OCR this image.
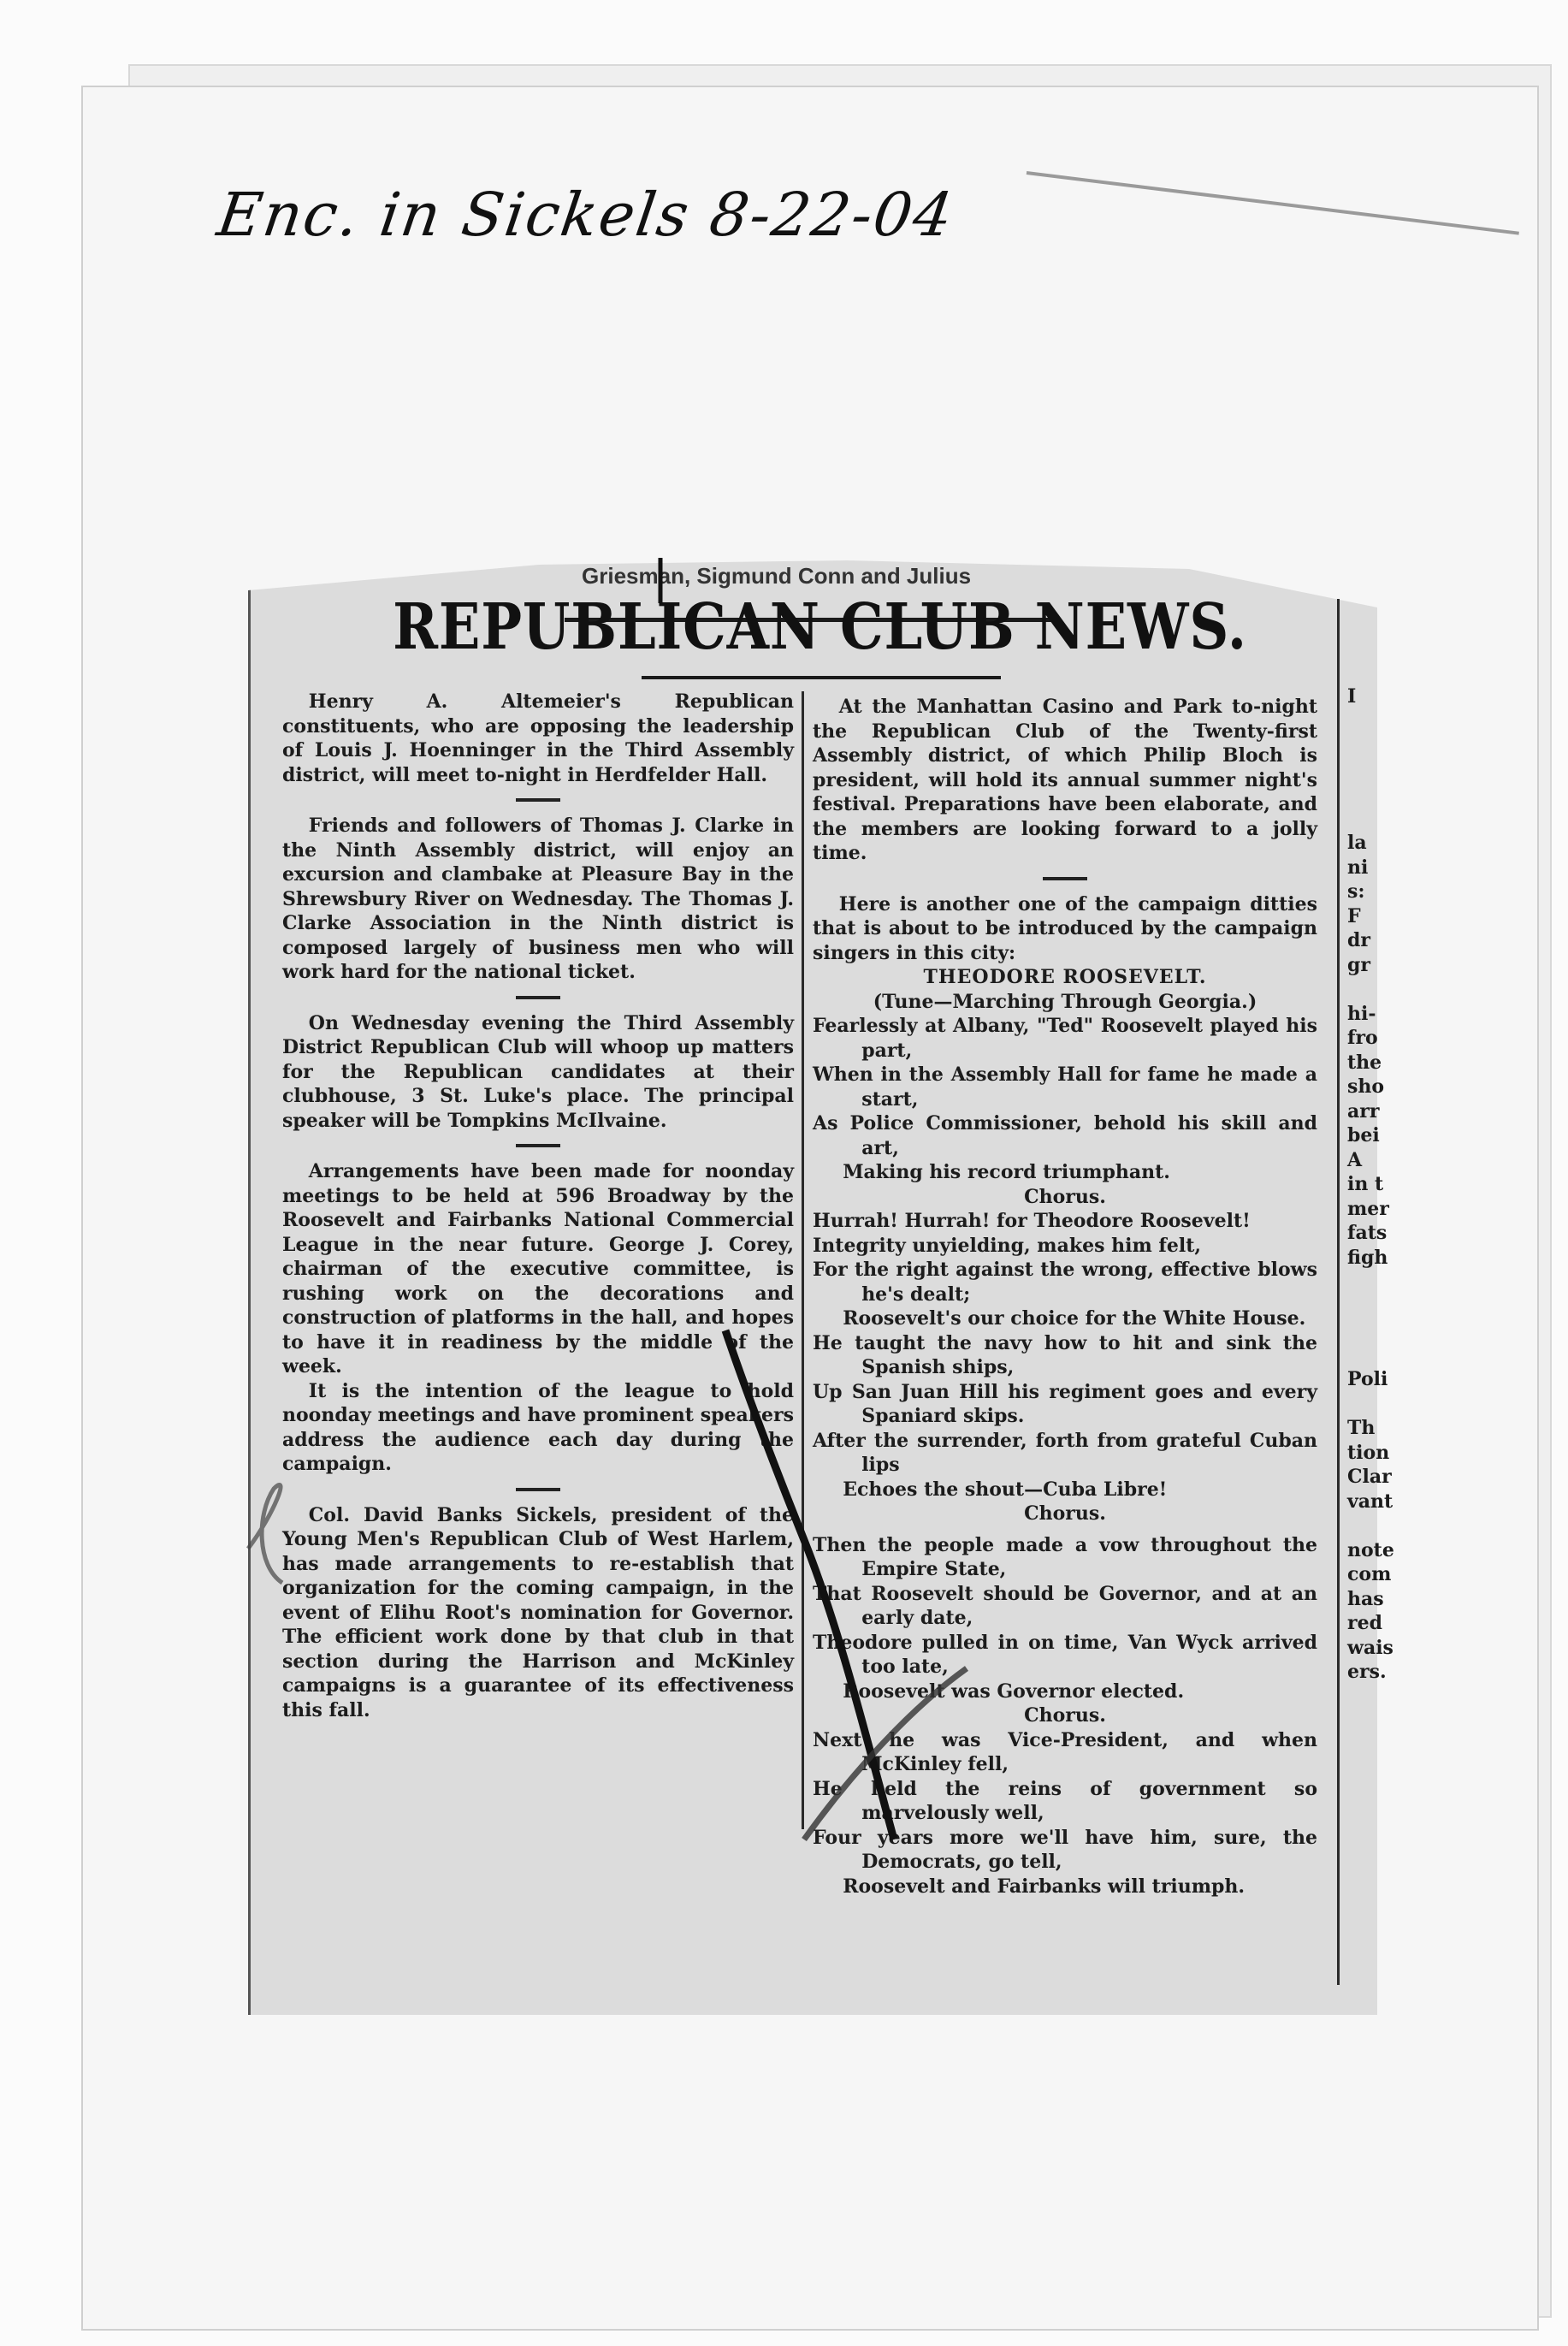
Enc. in Sickels 8-22-04
Griesman, Sigmund Conn and Julius
REPUBLICAN CLUB NEWS.

Henry A. Altemeier's Republican constituents, who are opposing the leadership of Louis J. Hoenninger in the Third Assembly district, will meet to-night in Herdfelder Hall.

Friends and followers of Thomas J. Clarke in the Ninth Assembly district, will enjoy an excursion and clambake at Pleasure Bay in the Shrewsbury River on Wednesday. The Thomas J. Clarke Association in the Ninth district is composed largely of business men who will work hard for the national ticket.

On Wednesday evening the Third Assembly District Republican Club will whoop up matters for the Republican candidates at their clubhouse, 3 St. Luke's place. The principal speaker will be Tompkins McIlvaine.

Arrangements have been made for noonday meetings to be held at 596 Broadway by the Roosevelt and Fairbanks National Commercial League in the near future. George J. Corey, chairman of the executive committee, is rushing work on the decorations and construction of platforms in the hall, and hopes to have it in readiness by the middle of the week.

It is the intention of the league to hold noonday meetings and have prominent speakers address the audience each day during the campaign.

Col. David Banks Sickels, president of the Young Men's Republican Club of West Harlem, has made arrangements to re-establish that organization for the coming campaign, in the event of Elihu Root's nomination for Governor. The efficient work done by that club in that section during the Harrison and McKinley campaigns is a guarantee of its effectiveness this fall.

At the Manhattan Casino and Park to-night the Republican Club of the Twenty-first Assembly district, of which Philip Bloch is president, will hold its annual summer night's festival. Preparations have been elaborate, and the members are looking forward to a jolly time.

Here is another one of the campaign ditties that is about to be introduced by the campaign singers in this city:

THEODORE ROOSEVELT.

(Tune—Marching Through Georgia.)

Fearlessly at Albany, "Ted" Roosevelt played his part,

When in the Assembly Hall for fame he made a start,

As Police Commissioner, behold his skill and art,

Making his record triumphant.

Chorus.

Hurrah! Hurrah! for Theodore Roosevelt!

Integrity unyielding, makes him felt,

For the right against the wrong, effective blows he's dealt;

Roosevelt's our choice for the White House.

He taught the navy how to hit and sink the Spanish ships,

Up San Juan Hill his regiment goes and every Spaniard skips.

After the surrender, forth from grateful Cuban lips

Echoes the shout—Cuba Libre!

Chorus.

Then the people made a vow throughout the Empire State,

That Roosevelt should be Governor, and at an early date,

Theodore pulled in on time, Van Wyck arrived too late,

Roosevelt was Governor elected.

Chorus.

Next he was Vice-President, and when McKinley fell,

He held the reins of government so marvelously well,

Four years more we'll have him, sure, the Democrats, go tell,

Roosevelt and Fairbanks will triumph.

I

la
ni
s:
F
dr
gr

hi-
fro
the
sho
arr
bei
A
in t
mer
fats
figh

Poli

Th
tion
Clar
vant

note
com
has
red
wais
ers.
